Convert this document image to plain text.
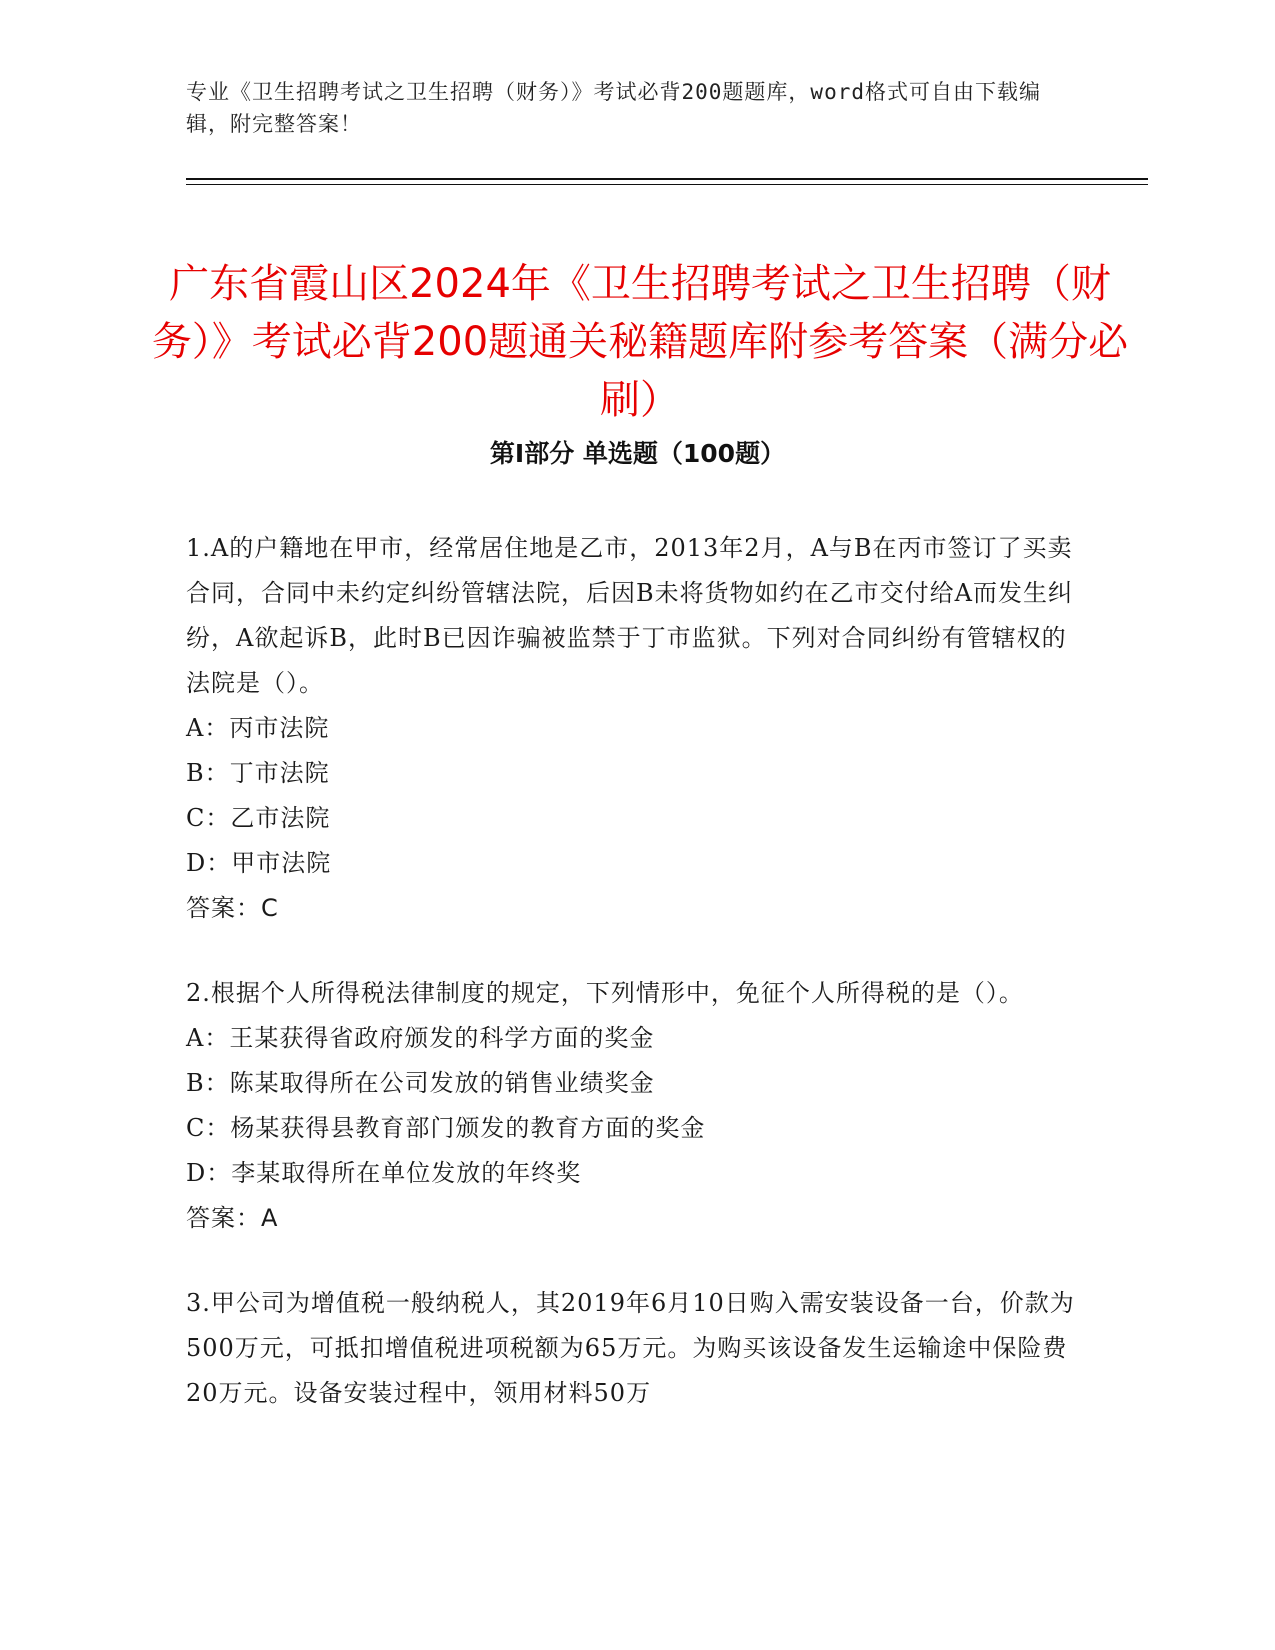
专业《卫生招聘考试之卫生招聘（财务）》考试必背200题题库，word格式可自由下载编辑，附完整答案！
广东省霞山区2024年《卫生招聘考试之卫生招聘（财务）》考试必背200题通关秘籍题库附参考答案（满分必刷）
第Ⅰ部分 单选题（100题）
1.A的户籍地在甲市，经常居住地是乙市，2013年2月，A与B在丙市签订了买卖合同，合同中未约定纠纷管辖法院，后因B未将货物如约在乙市交付给A而发生纠纷，A欲起诉B，此时B已因诈骗被监禁于丁市监狱。下列对合同纠纷有管辖权的法院是（）。
A：丙市法院
B：丁市法院
C：乙市法院
D：甲市法院
答案：C
2.根据个人所得税法律制度的规定，下列情形中，免征个人所得税的是（）。
A：王某获得省政府颁发的科学方面的奖金
B：陈某取得所在公司发放的销售业绩奖金
C：杨某获得县教育部门颁发的教育方面的奖金
D：李某取得所在单位发放的年终奖
答案：A
3.甲公司为增值税一般纳税人，其2019年6月10日购入需安装设备一台，价款为500万元，可抵扣增值税进项税额为65万元。为购买该设备发生运输途中保险费20万元。设备安装过程中，领用材料50万
